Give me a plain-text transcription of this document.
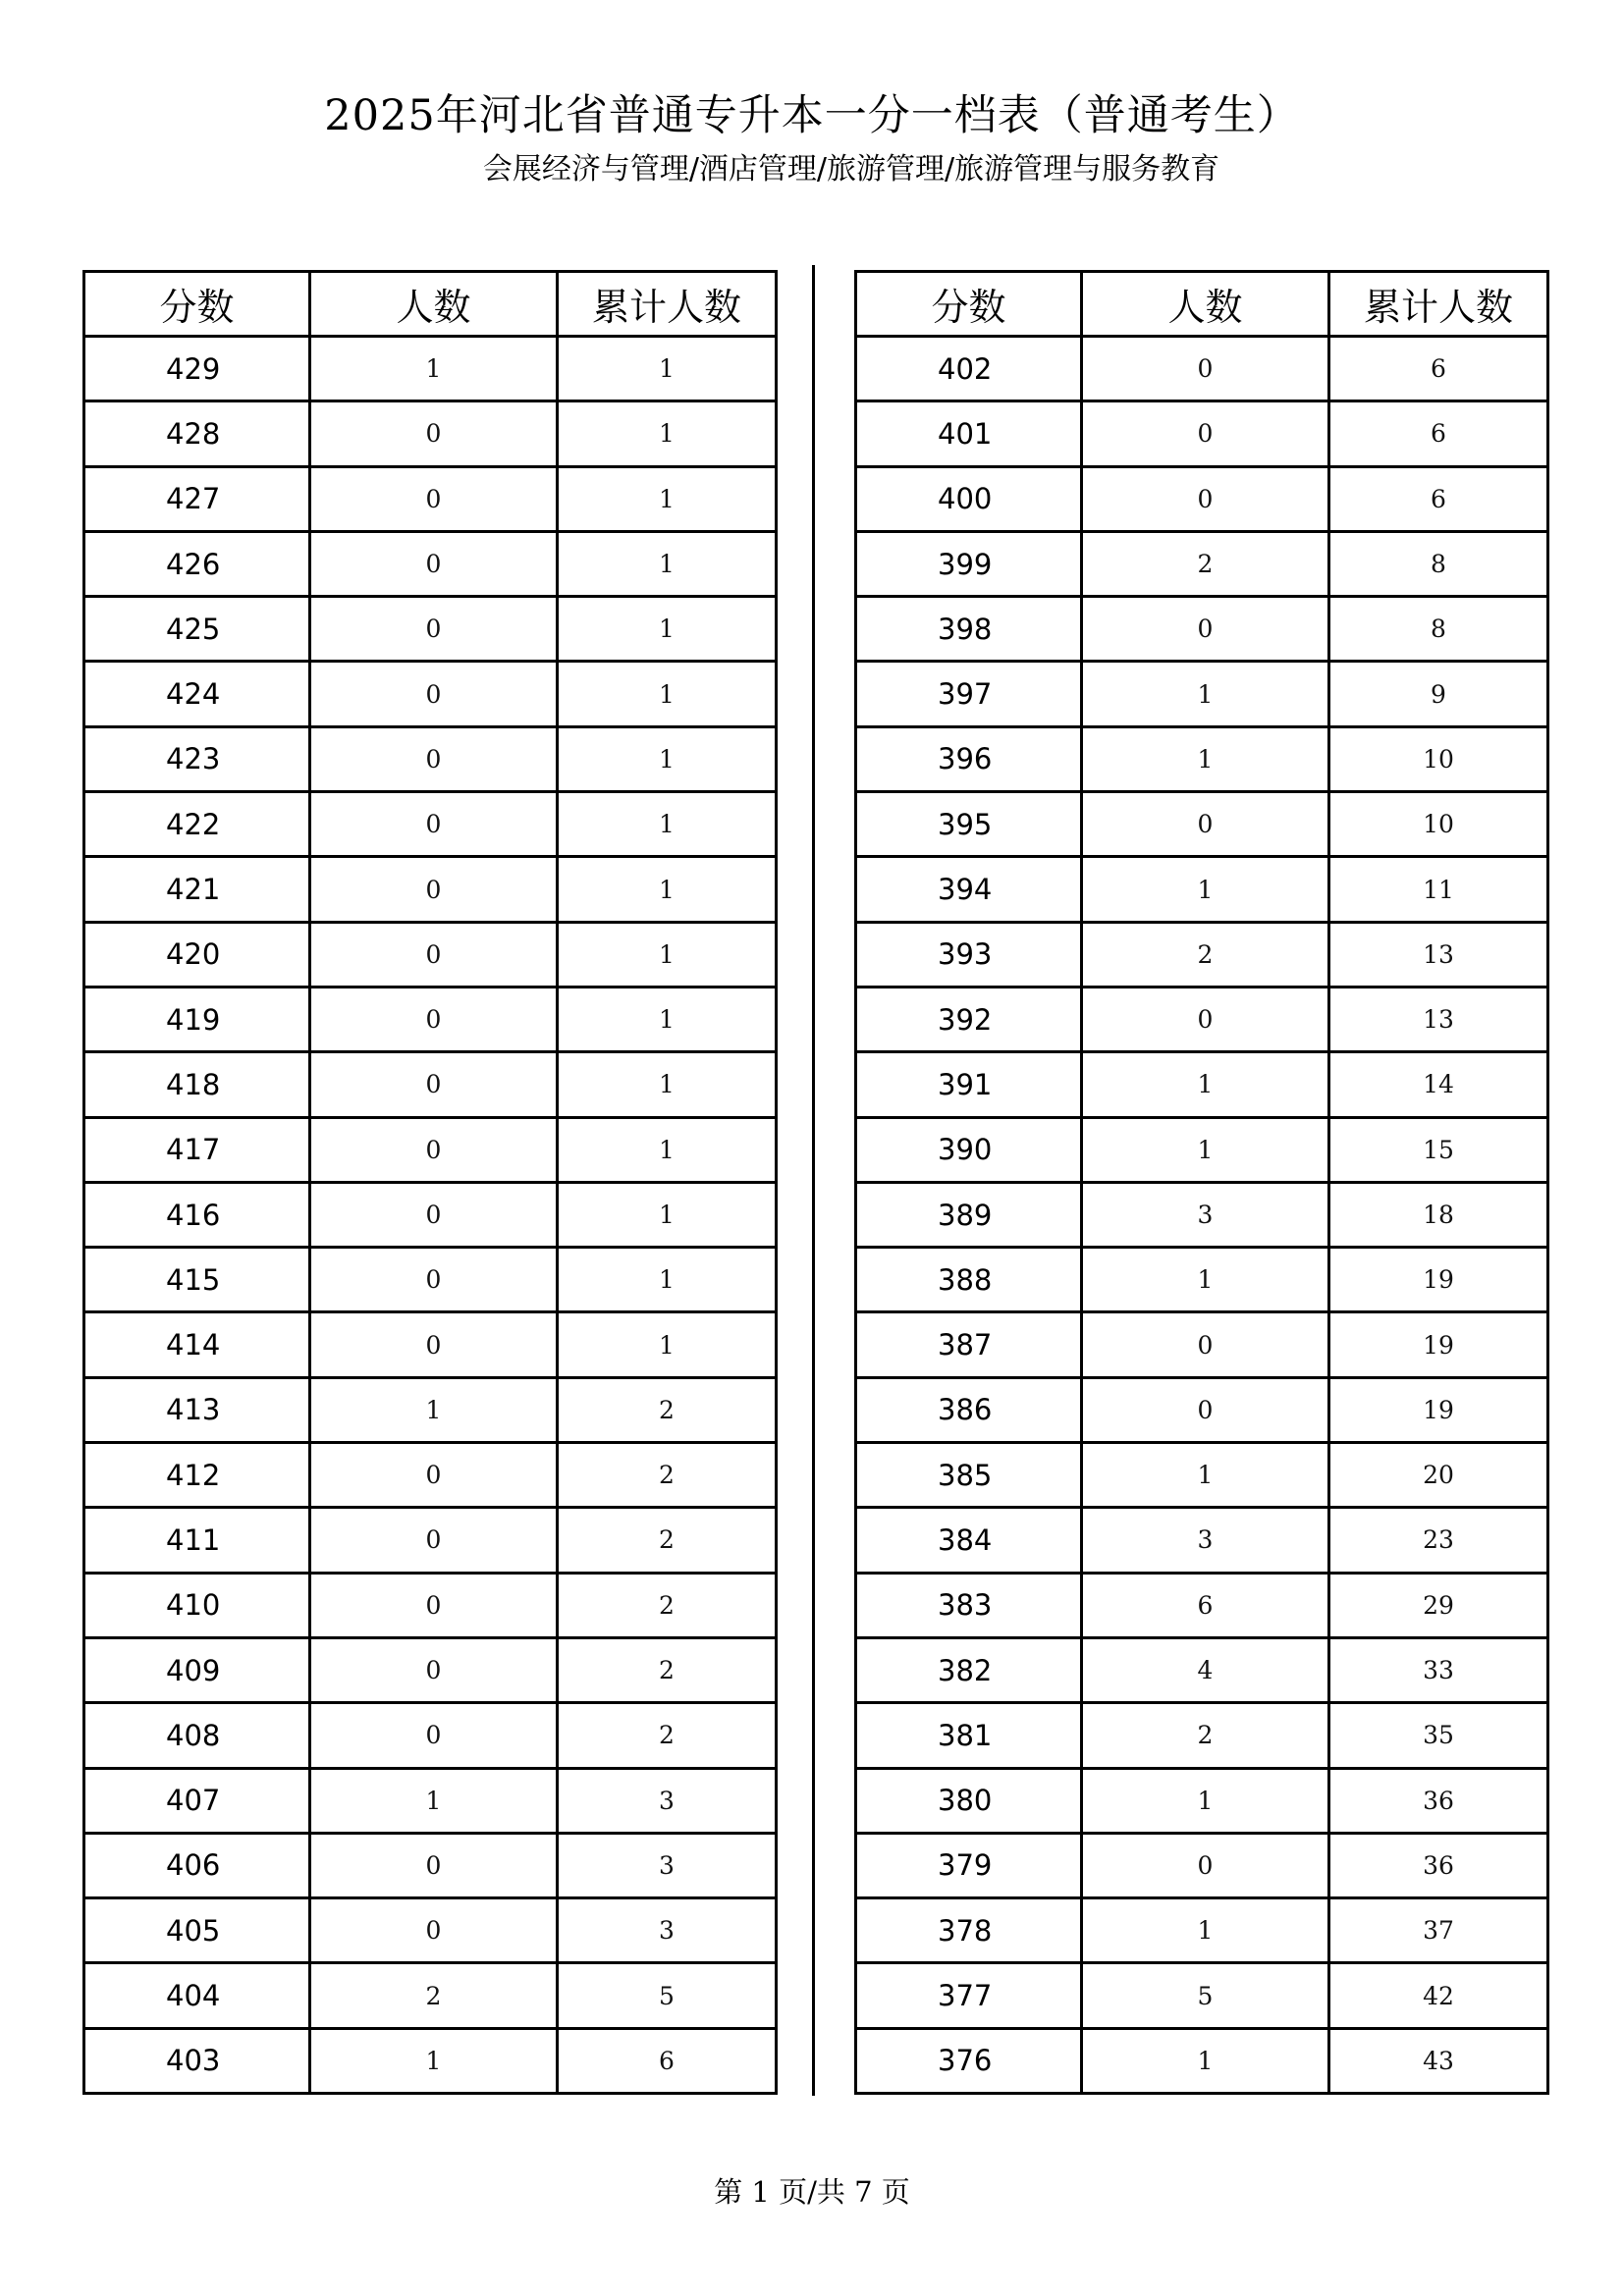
2025年河北省普通专升本一分一档表（普通考生）
会展经济与管理/酒店管理/旅游管理/旅游管理与服务教育
分数	人数	累计人数
429	1	1
428	0	1
427	0	1
426	0	1
425	0	1
424	0	1
423	0	1
422	0	1
421	0	1
420	0	1
419	0	1
418	0	1
417	0	1
416	0	1
415	0	1
414	0	1
413	1	2
412	0	2
411	0	2
410	0	2
409	0	2
408	0	2
407	1	3
406	0	3
405	0	3
404	2	5
403	1	6
分数	人数	累计人数
402	0	6
401	0	6
400	0	6
399	2	8
398	0	8
397	1	9
396	1	10
395	0	10
394	1	11
393	2	13
392	0	13
391	1	14
390	1	15
389	3	18
388	1	19
387	0	19
386	0	19
385	1	20
384	3	23
383	6	29
382	4	33
381	2	35
380	1	36
379	0	36
378	1	37
377	5	42
376	1	43
第 1 页/共 7 页
